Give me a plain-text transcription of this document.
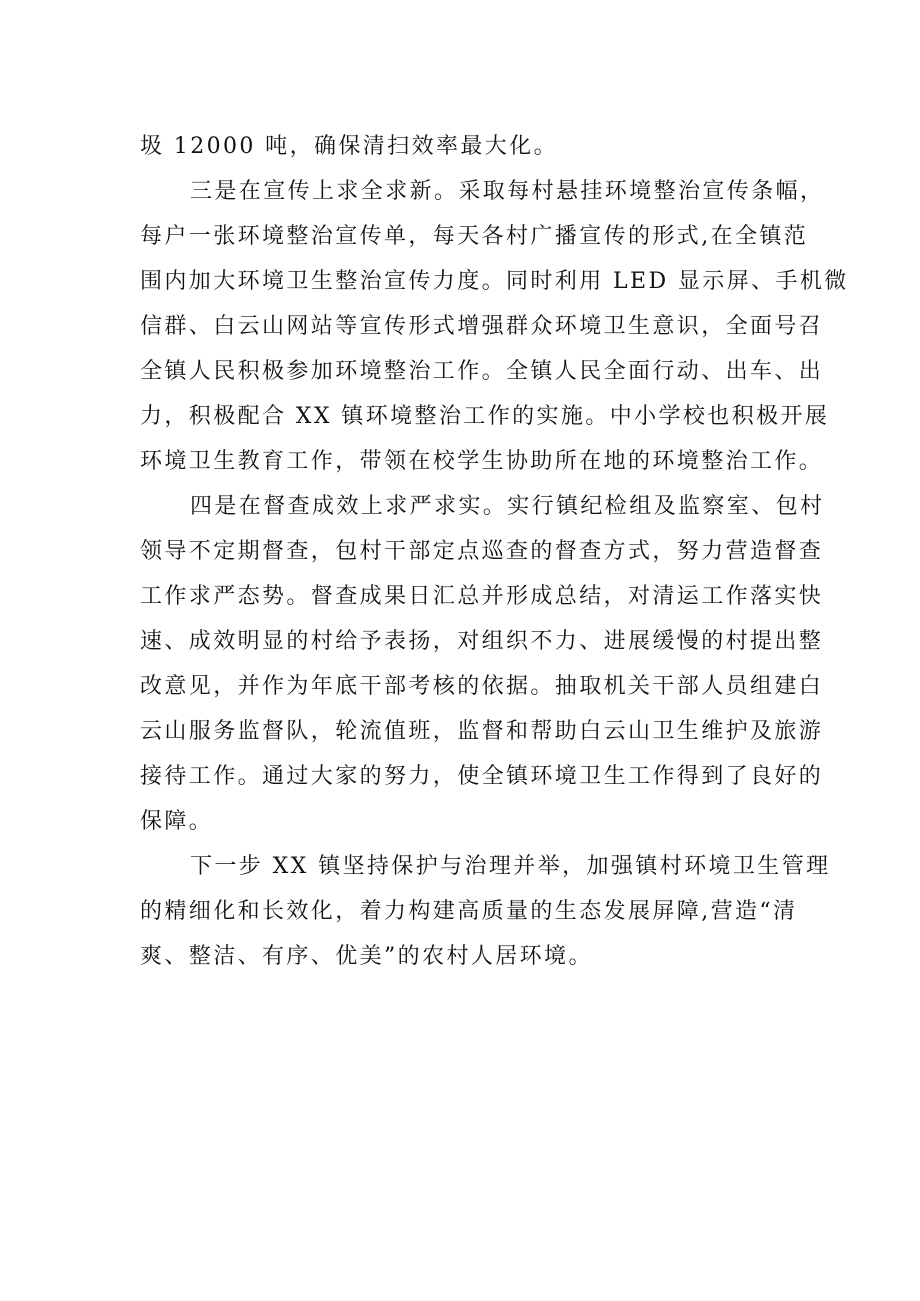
圾 12000 吨，确保清扫效率最大化。
三是在宣传上求全求新。采取每村悬挂环境整治宣传条幅，
每户一张环境整治宣传单，每天各村广播宣传的形式,在全镇范
围内加大环境卫生整治宣传力度。同时利用 LED 显示屏、手机微
信群、白云山网站等宣传形式增强群众环境卫生意识，全面号召
全镇人民积极参加环境整治工作。全镇人民全面行动、出车、出
力，积极配合 XX 镇环境整治工作的实施。中小学校也积极开展
环境卫生教育工作，带领在校学生协助所在地的环境整治工作。
四是在督查成效上求严求实。实行镇纪检组及监察室、包村
领导不定期督查，包村干部定点巡查的督查方式，努力营造督查
工作求严态势。督查成果日汇总并形成总结，对清运工作落实快
速、成效明显的村给予表扬，对组织不力、进展缓慢的村提出整
改意见，并作为年底干部考核的依据。抽取机关干部人员组建白
云山服务监督队，轮流值班，监督和帮助白云山卫生维护及旅游
接待工作。通过大家的努力，使全镇环境卫生工作得到了良好的
保障。
下一步 XX 镇坚持保护与治理并举，加强镇村环境卫生管理
的精细化和长效化，着力构建高质量的生态发展屏障,营造“清
爽、整洁、有序、优美”的农村人居环境。
